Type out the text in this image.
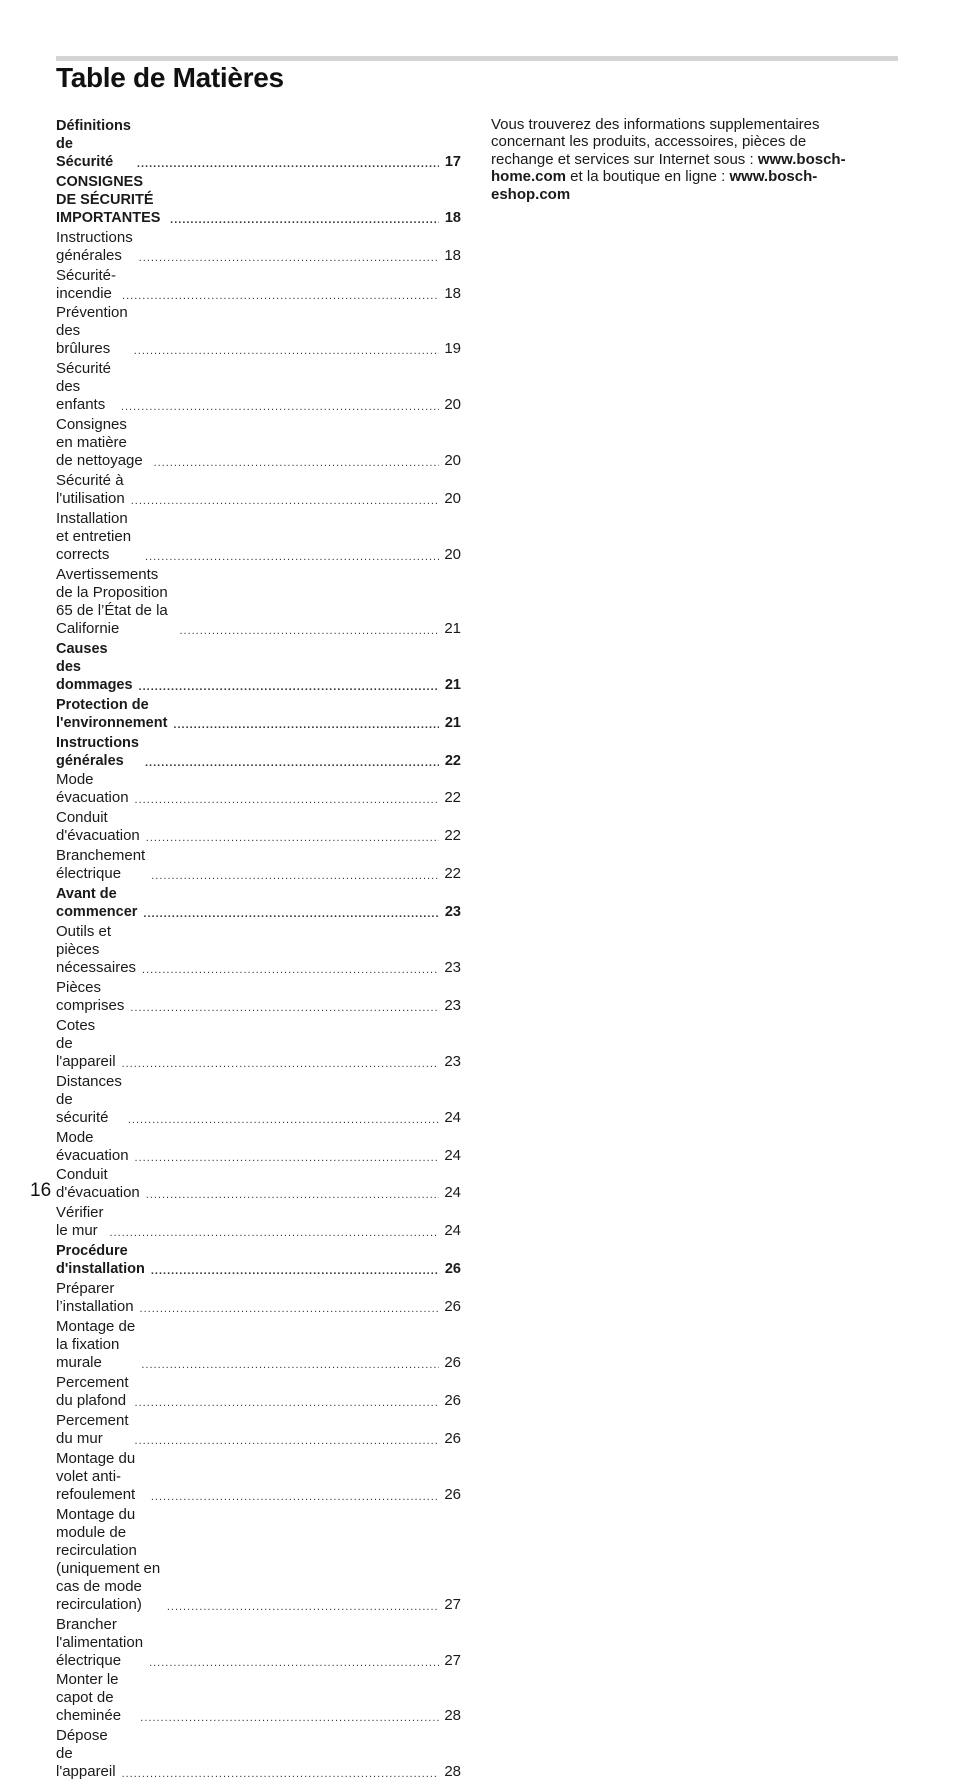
Table de Matières
Définitions de Sécurité .....	17
CONSIGNES DE SÉCURITÉ IMPORTANTES .....	18
Instructions générales .....	18
Sécurité-incendie .....	18
Prévention des brûlures .....	19
Sécurité des enfants .....	20
Consignes en matière de nettoyage .....	20
Sécurité à l'utilisation .....	20
Installation et entretien corrects .....	20
Avertissements de la Proposition 65 de l’État de la
Californie .....	21
Causes des dommages .....	21
Protection de l'environnement .....	21
Instructions générales .....	22
Mode évacuation .....	22
Conduit d'évacuation .....	22
Branchement électrique .....	22
Avant de commencer .....	23
Outils et pièces nécessaires .....	23
Pièces comprises .....	23
Cotes de l'appareil .....	23
Distances de sécurité .....	24
Mode évacuation .....	24
Conduit d'évacuation .....	24
Vérifier le mur .....	24
Procédure d'installation .....	26
Préparer l’installation .....	26
Montage de la fixation murale .....	26
Percement du plafond .....	26
Percement du mur .....	26
Montage du volet anti-refoulement .....	26
Montage du module de recirculation
(uniquement en cas de mode recirculation) .....	27
Brancher l'alimentation électrique .....	27
Monter le capot de cheminée .....	28
Dépose de l'appareil .....	28

Vous trouverez des informations supplementaires concernant les produits, accessoires, pièces de rechange et services sur Internet sous : www.bosch-home.com et la boutique en ligne : www.bosch-eshop.com

16
